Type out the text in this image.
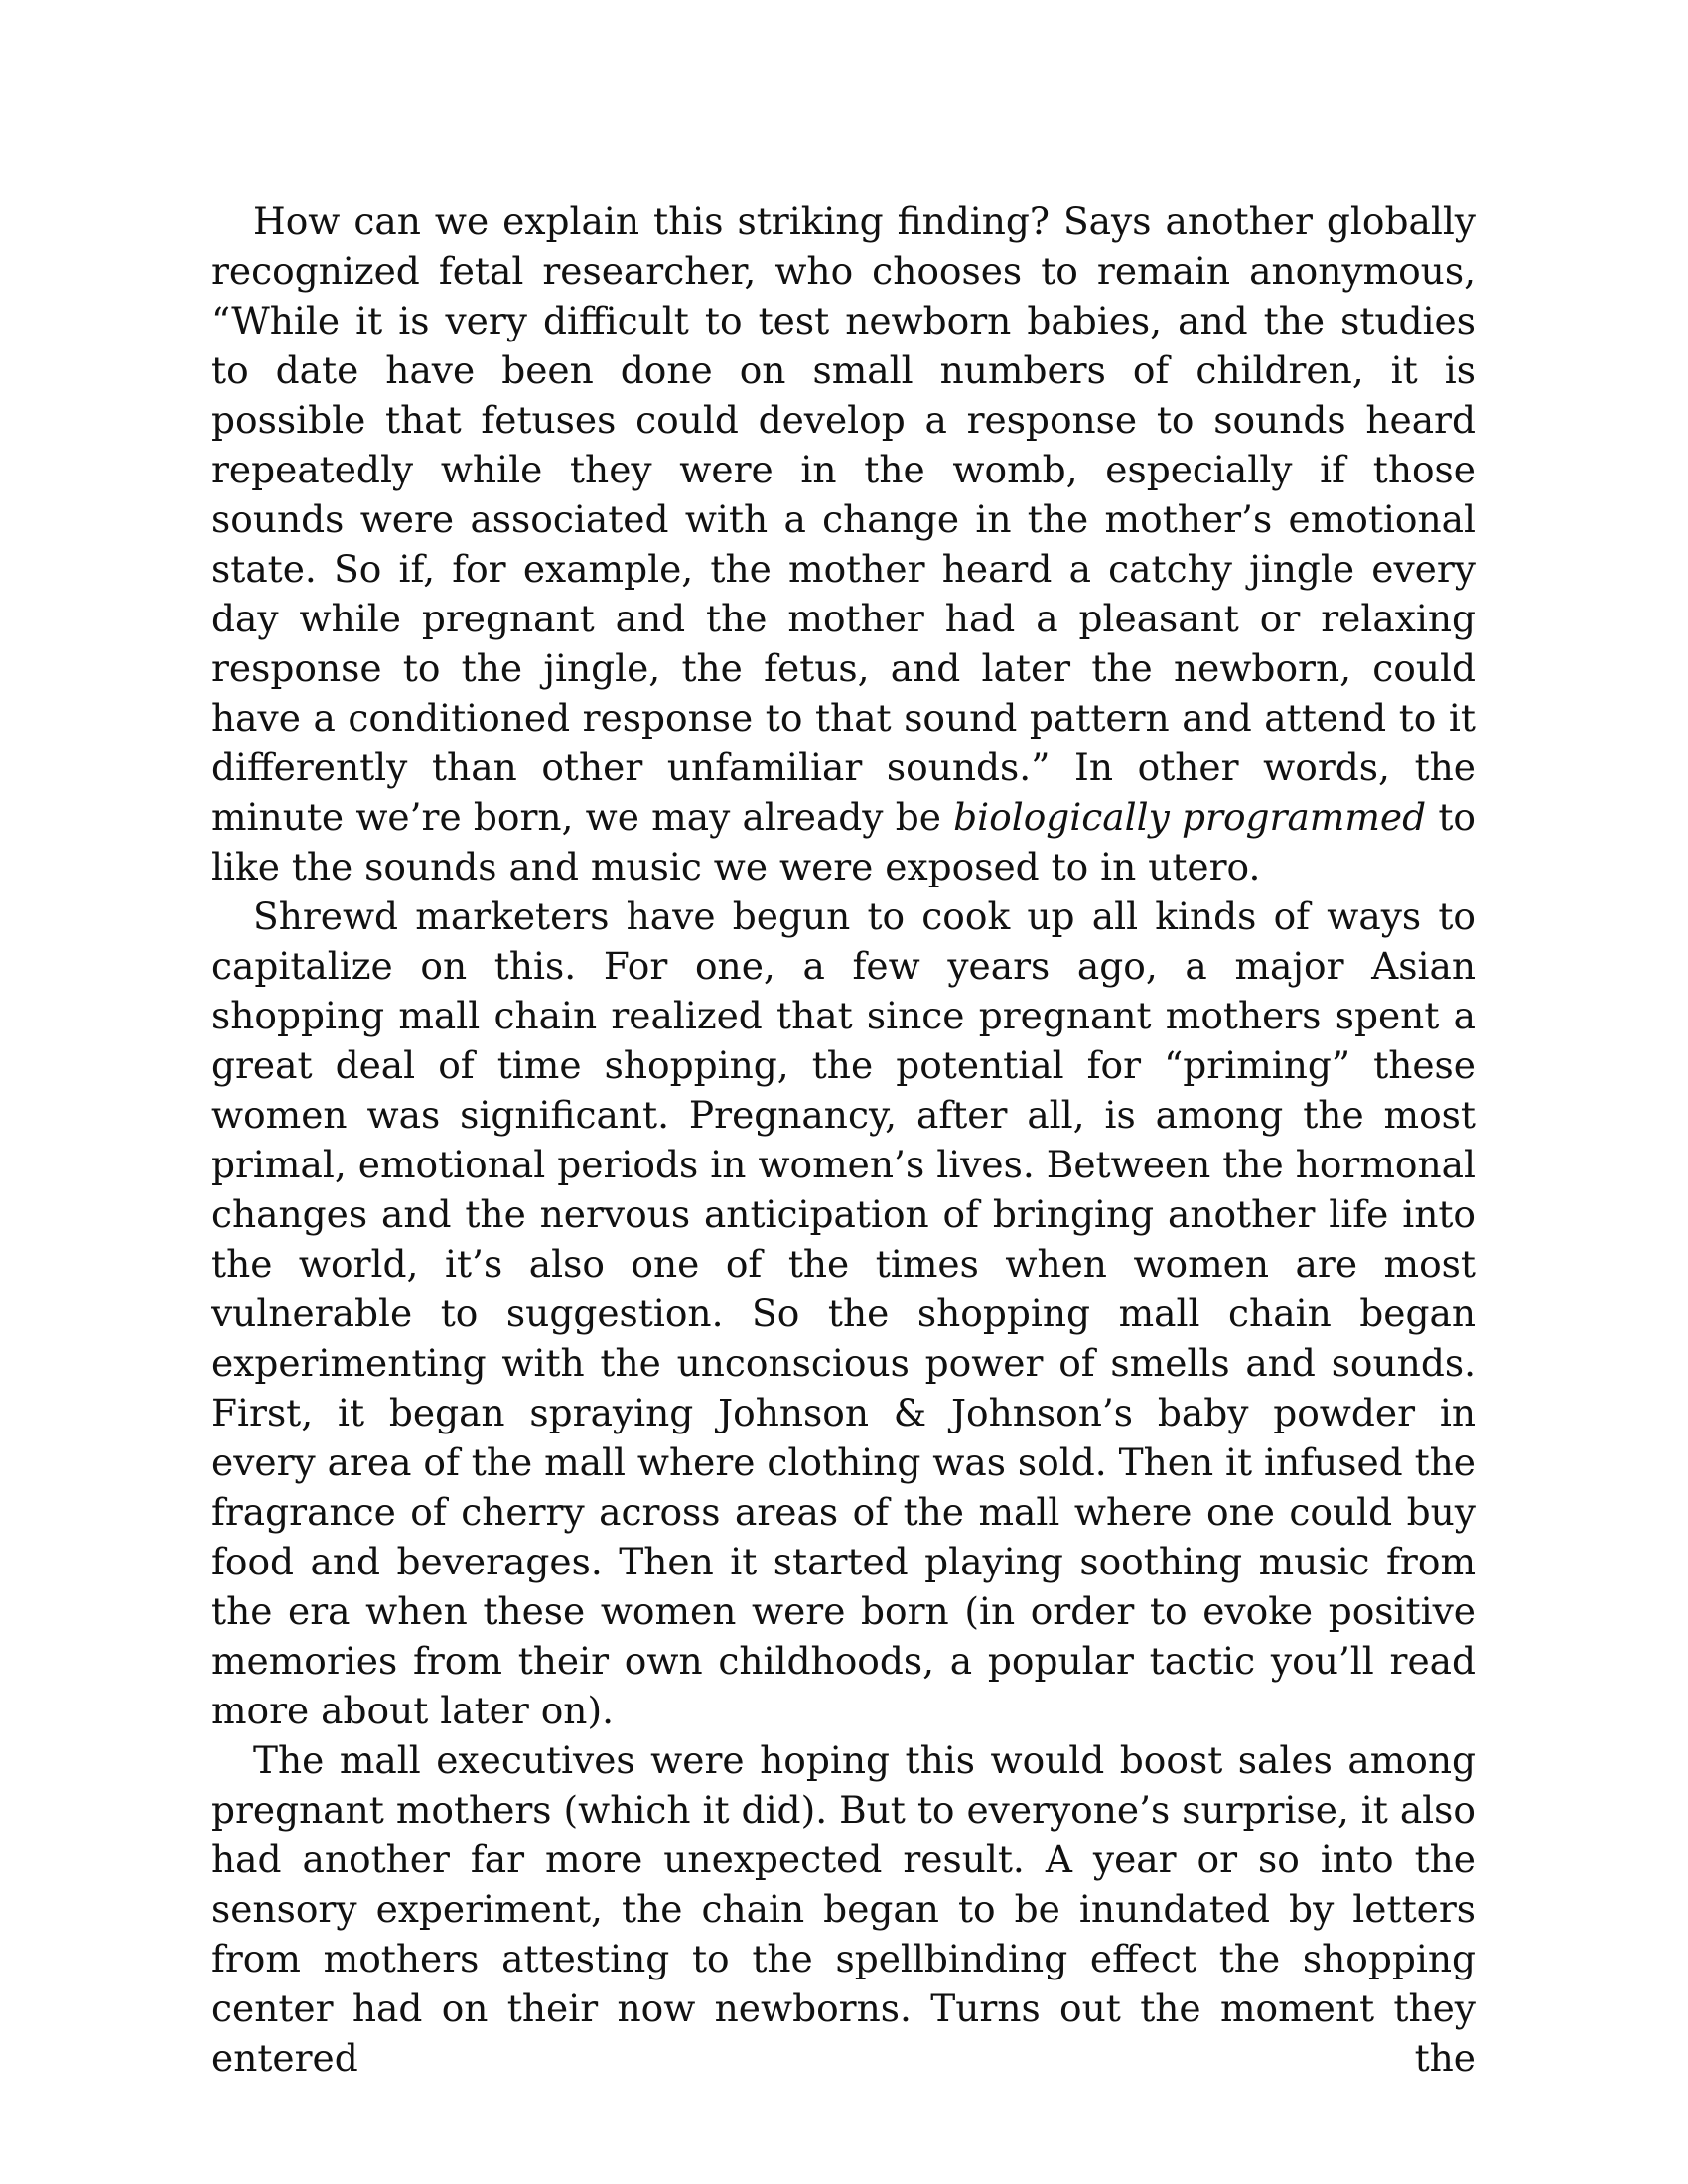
How can we explain this striking finding? Says another globally recognized fetal researcher, who chooses to remain anonymous, “While it is very difficult to test newborn babies, and the studies to date have been done on small numbers of children, it is possible that fetuses could develop a response to sounds heard repeatedly while they were in the womb, especially if those sounds were associated with a change in the mother’s emotional state. So if, for example, the mother heard a catchy jingle every day while pregnant and the mother had a pleasant or relaxing response to the jingle, the fetus, and later the newborn, could have a conditioned response to that sound pattern and attend to it differently than other unfamiliar sounds.” In other words, the minute we’re born, we may already be biologically programmed to like the sounds and music we were exposed to in utero.

Shrewd marketers have begun to cook up all kinds of ways to capitalize on this. For one, a few years ago, a major Asian shopping mall chain realized that since pregnant mothers spent a great deal of time shopping, the potential for “priming” these women was significant. Pregnancy, after all, is among the most primal, emotional periods in women’s lives. Between the hormonal changes and the nervous anticipation of bringing another life into the world, it’s also one of the times when women are most vulnerable to suggestion. So the shopping mall chain began experimenting with the unconscious power of smells and sounds. First, it began spraying Johnson & Johnson’s baby powder in every area of the mall where clothing was sold. Then it infused the fragrance of cherry across areas of the mall where one could buy food and beverages. Then it started playing soothing music from the era when these women were born (in order to evoke positive memories from their own childhoods, a popular tactic you’ll read more about later on).

The mall executives were hoping this would boost sales among pregnant mothers (which it did). But to everyone’s surprise, it also had another far more unexpected result. A year or so into the sensory experiment, the chain began to be inundated by letters from mothers attesting to the spellbinding effect the shopping center had on their now newborns. Turns out the moment they entered the
